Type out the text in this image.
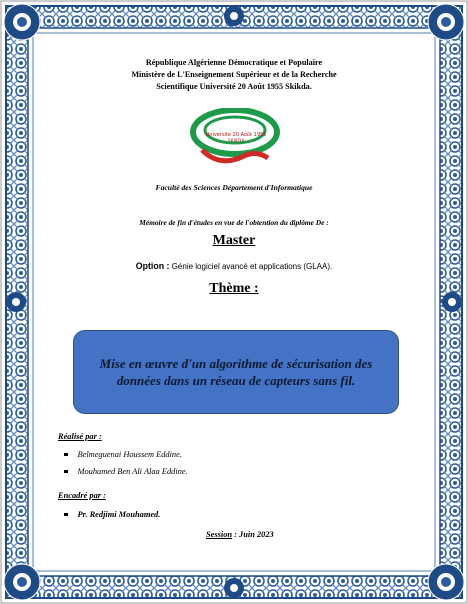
République Algérienne Démocratique et Populaire
Ministère de L'Enseignement Supérieur et de la Recherche
Scientifique Université 20 Août 1955 Skikda.
Université 20 Août 1955
SKIKDA
Faculté des Sciences Département d'Informatique
Mémoire de fin d'études en vue de l'obtention du diplôme De :
Master
Option : Génie logiciel avancé et applications (GLAA).
Thème :
Mise en œuvre d'un algorithme de sécurisation des données dans un réseau de capteurs sans fil.
Réalisé par :
Belmeguenai Houssem Eddine.
Mouhamed Ben Ali Alaa Eddine.
Encadré par :
Pr. Redjimi Mouhamed.
Session : Juin 2023
